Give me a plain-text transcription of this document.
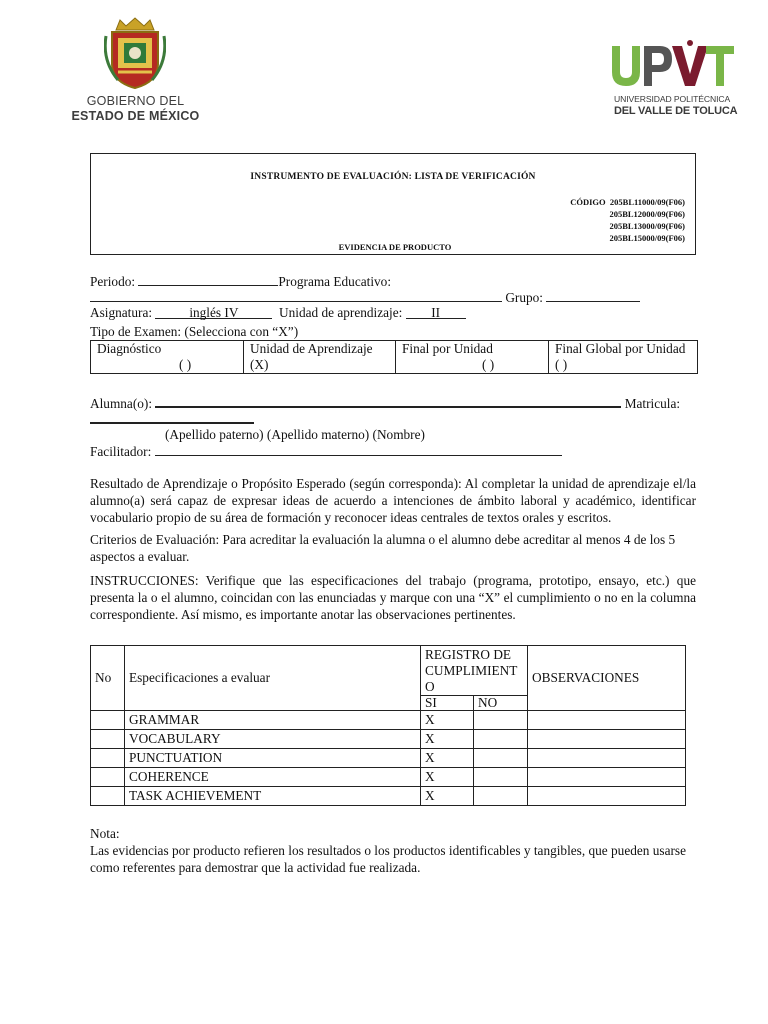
GOBIERNO DEL
ESTADO DE MÉXICO
UNIVERSIDAD POLITÉCNICA
DEL VALLE DE TOLUCA
INSTRUMENTO DE EVALUACIÓN: LISTA DE VERIFICACIÓN
CÓDIGO 205BL11000/09(F06)
205BL12000/09(F06)
205BL13000/09(F06)
205BL15000/09(F06)
EVIDENCIA DE PRODUCTO
Periodo:	Programa Educativo:
Grupo:
Asignatura:	inglés IV	Unidad de aprendizaje: II
Tipo de Examen: (Selecciona con “X”)
Diagnóstico
( )
	Unidad de Aprendizaje
(X)
	Final por Unidad
( )
	Final Global por Unidad
( )
Alumna(o):	Matricula:
(Apellido paterno) (Apellido materno) (Nombre)
Facilitador:
Resultado de Aprendizaje o Propósito Esperado (según corresponda): Al completar la unidad de aprendizaje el/la alumno(a) será capaz de expresar ideas de acuerdo a intenciones de ámbito laboral y académico, identificar vocabulario propio de su área de formación y reconocer ideas centrales de textos orales y escritos.
Criterios de Evaluación: Para acreditar la evaluación la alumna o el alumno debe acreditar al menos 4 de los 5 aspectos a evaluar.
INSTRUCCIONES: Verifique que las especificaciones del trabajo (programa, prototipo, ensayo, etc.) que presenta la o el alumno, coincidan con las enunciadas y marque con una “X” el cumplimiento o no en la columna correspondiente. Así mismo, es importante anotar las observaciones pertinentes.
No	Especificaciones a evaluar	REGISTRO DE CUMPLIMIENTO		OBSERVACIONES
		SI	NO	
	GRAMMAR	X		
	VOCABULARY	X		
	PUNCTUATION	X		
	COHERENCE	X		
	TASK ACHIEVEMENT	X		
Nota:
Las evidencias por producto refieren los resultados o los productos identificables y tangibles, que pueden usarse como referentes para demostrar que la actividad fue realizada.
